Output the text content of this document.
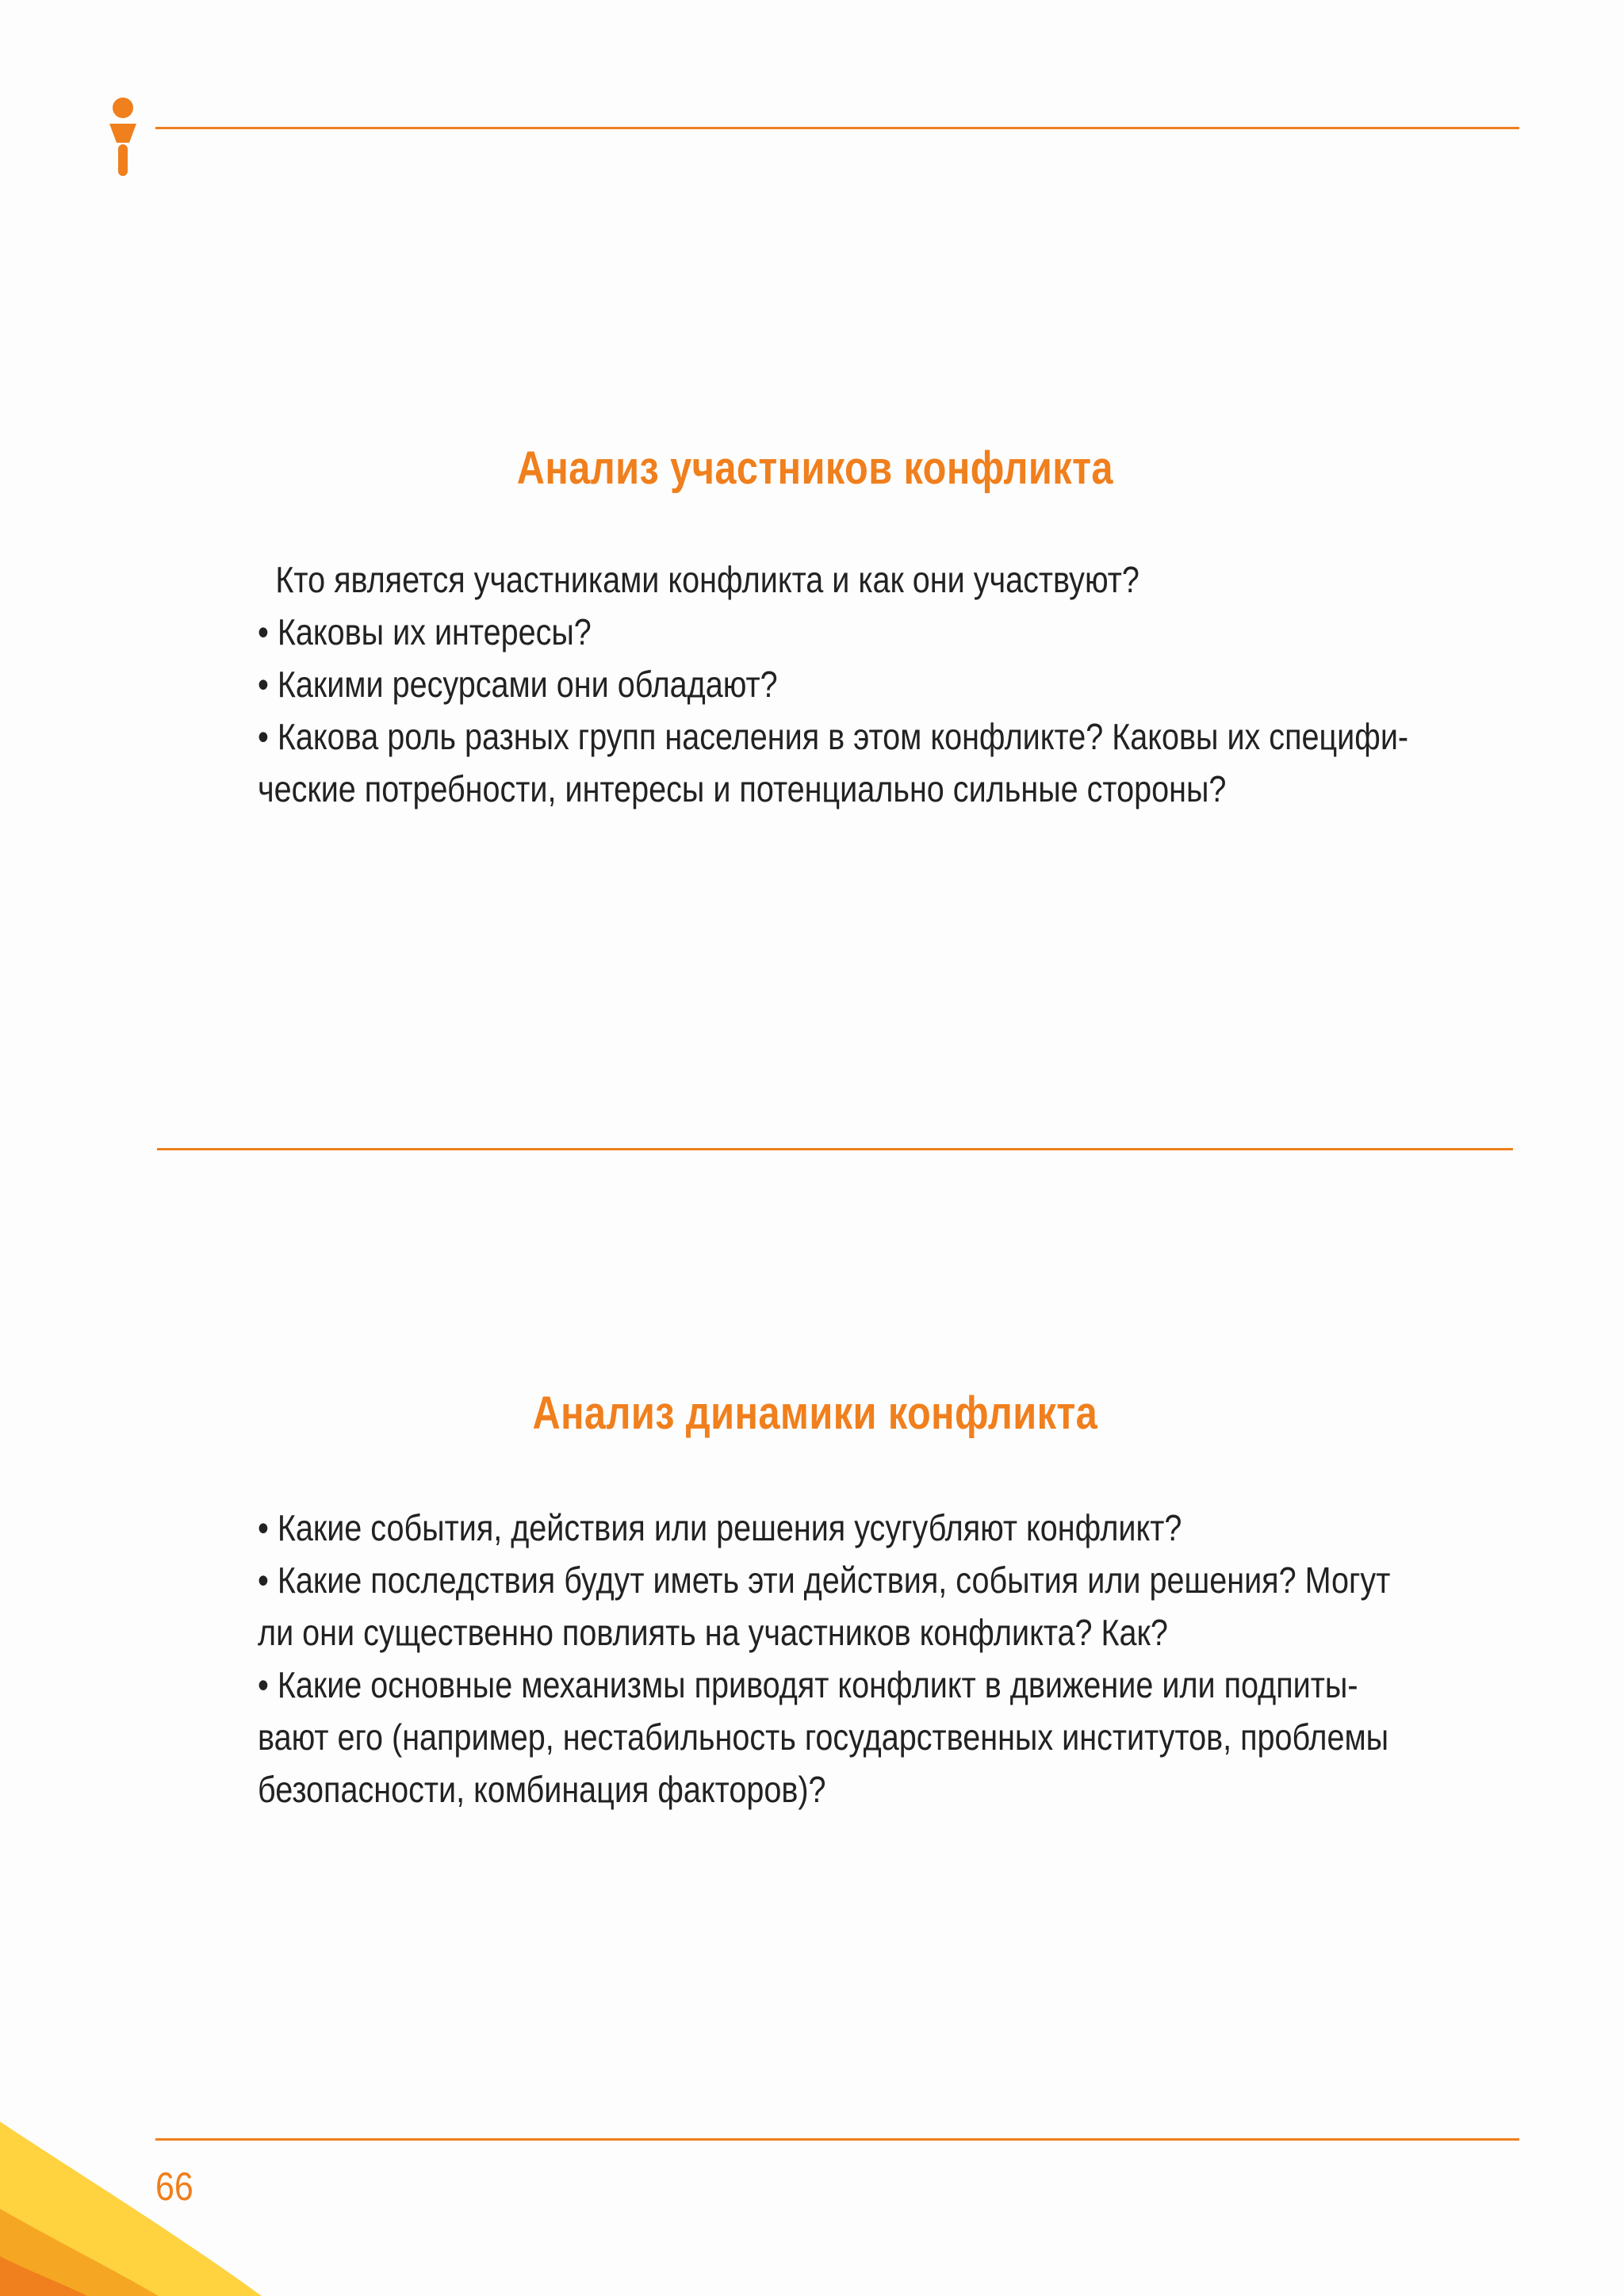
Анализ участников конфликта
Кто является участниками конфликта и как они участвуют?
• Каковы их интересы?
• Какими ресурсами они обладают?
• Какова роль разных групп населения в этом конфликте? Каковы их специфи-
ческие потребности, интересы и потенциально сильные стороны?
Анализ динамики конфликта
• Какие события, действия или решения усугубляют конфликт?
• Какие последствия будут иметь эти действия, события или решения? Могут
ли они существенно повлиять на участников конфликта? Как?
• Какие основные механизмы приводят конфликт в движение или подпиты-
вают его (например, нестабильность государственных институтов, проблемы
безопасности, комбинация факторов)?
66
